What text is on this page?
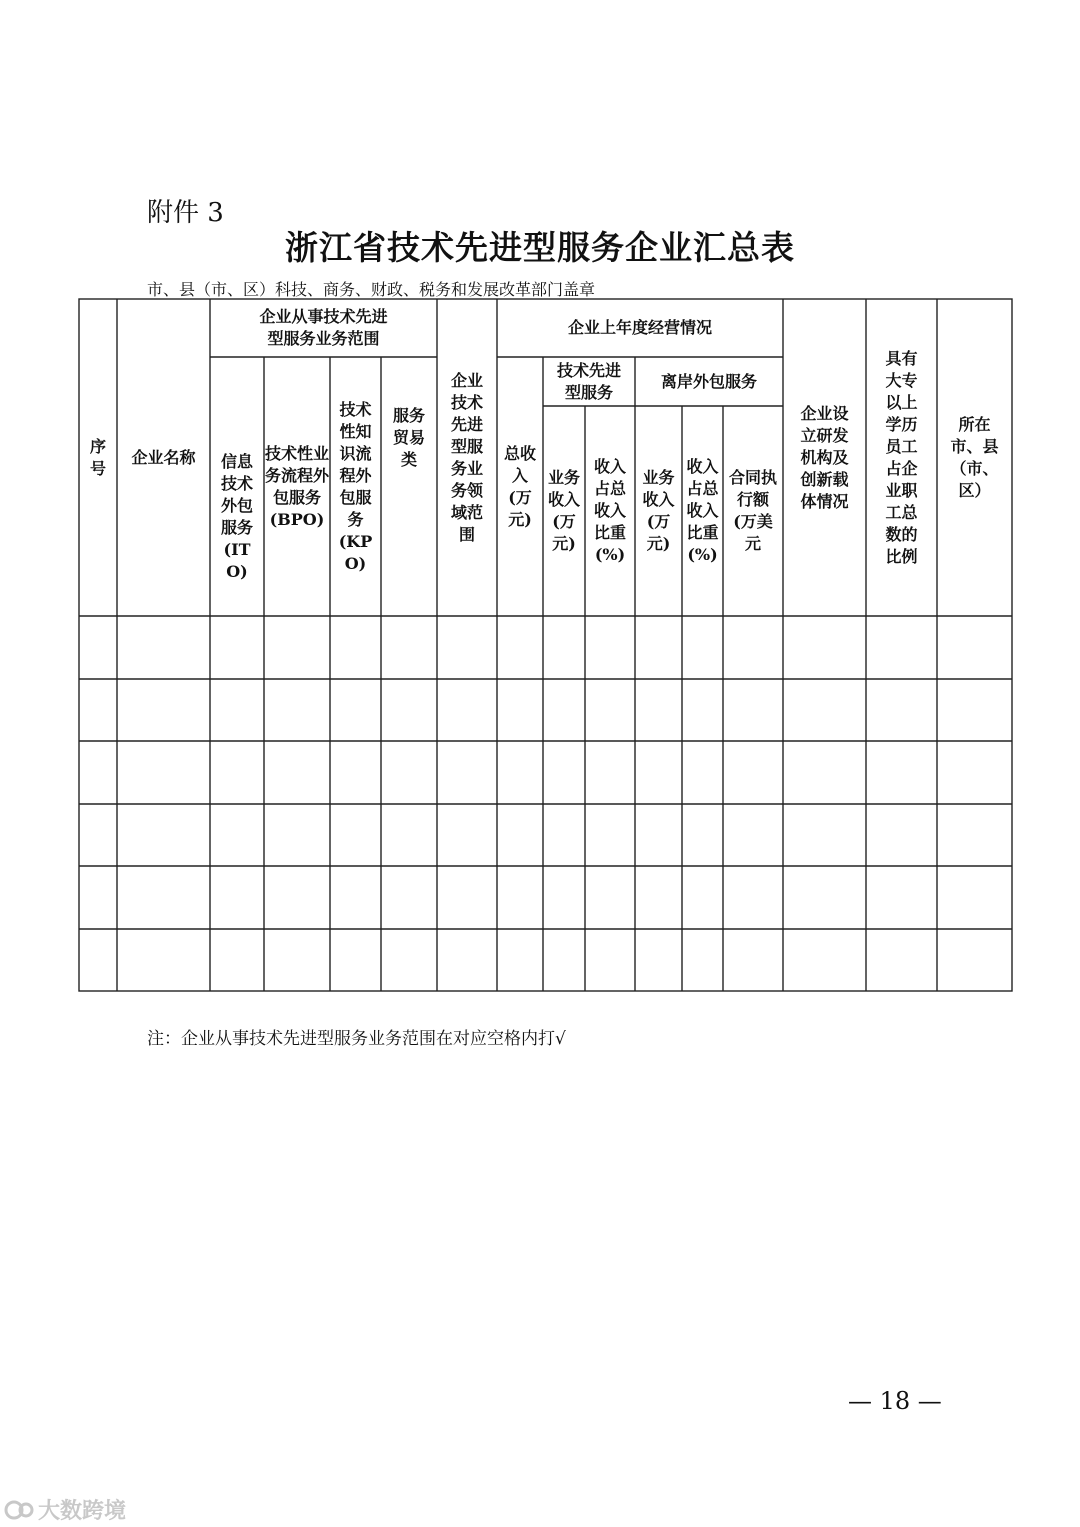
附件 3
浙江省技术先进型服务企业汇总表
市、县（市、区）科技、商务、财政、税务和发展改革部门盖章
序号
企业名称
企业从事技术先进型服务业务范围
信息技术外包服务(ITO)
技术性业务流程外包服务(BPO)
技术性知识流程外包服务(KPO)
服务贸易类
企业技术先进型服务业务领域范围
企业上年度经营情况
总收入(万元)
技术先进型服务
业务收入(万元)
收入占总收入比重(%)
离岸外包服务
业务收入(万元)
收入占总收入比重(%)
合同执行额(万美元
企业设立研发机构及创新载体情况
具有大专以上学历员工占企业职工总数的比例
所在市、县（市、区）
注：企业从事技术先进型服务业务范围在对应空格内打√
— 18 —
大数跨境
